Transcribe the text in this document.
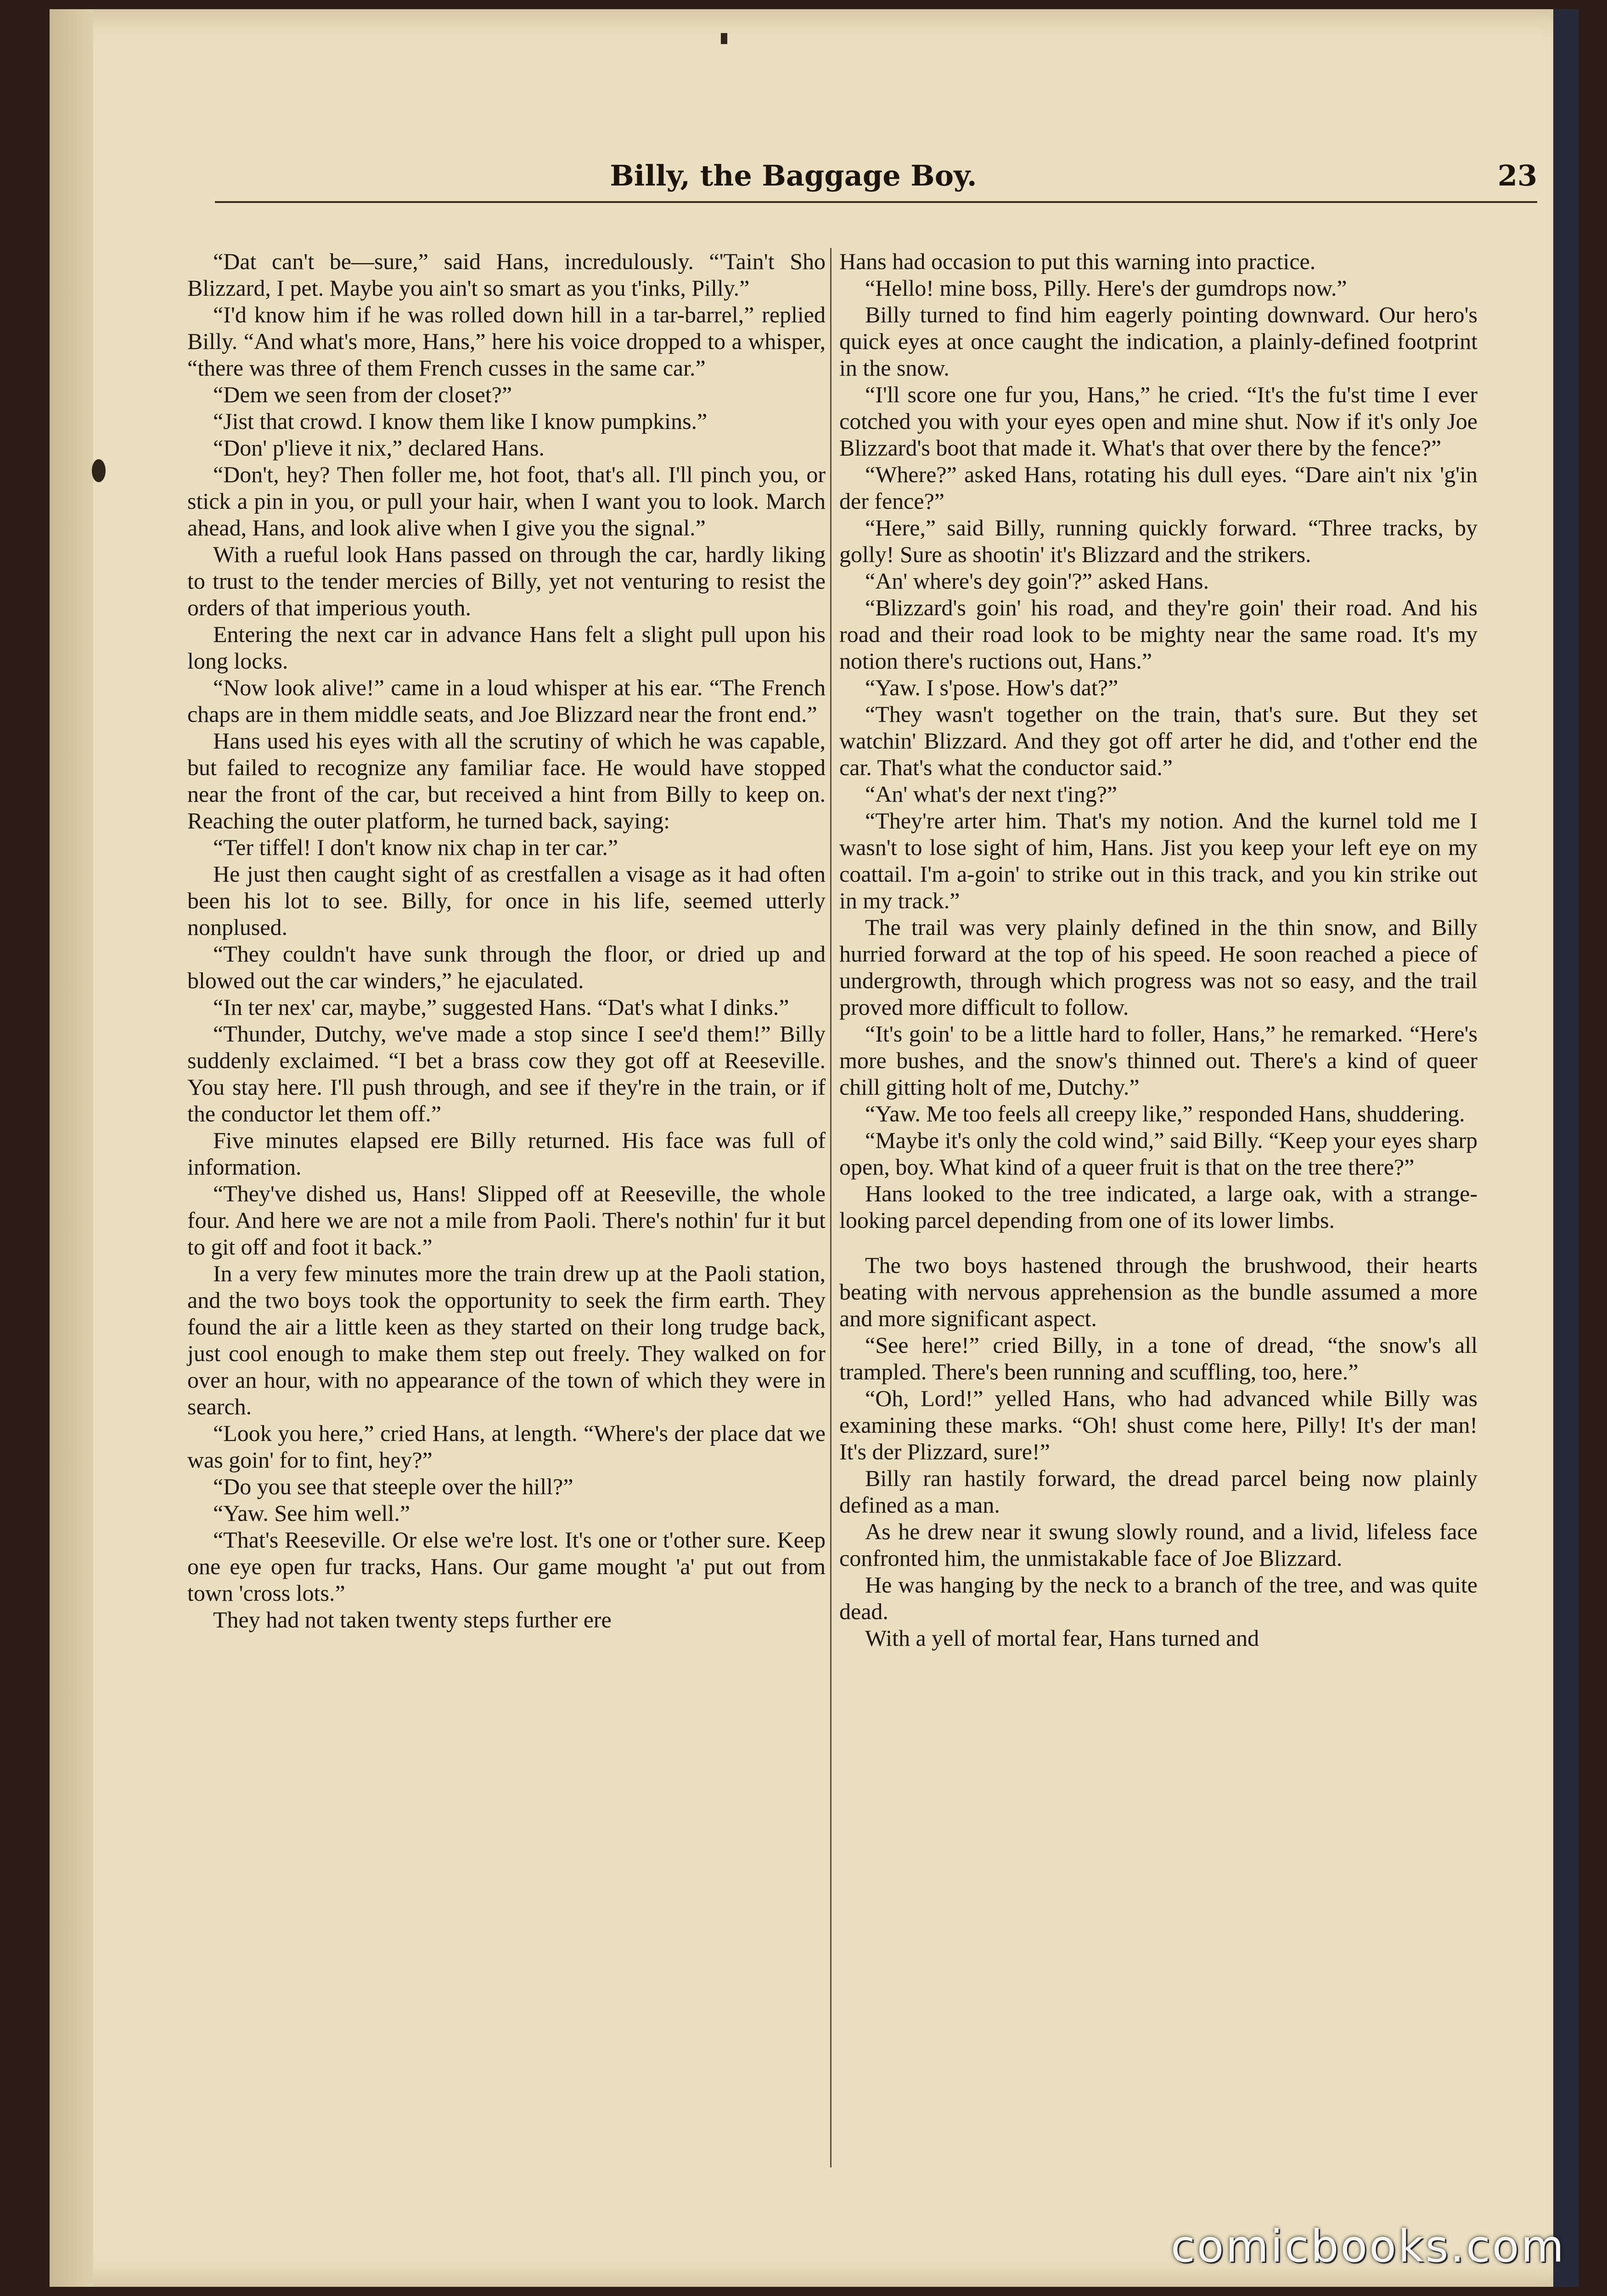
Billy, the Baggage Boy.	23

“Dat can't be—sure,” said Hans, incredulously. “'Tain't Sho Blizzard, I pet. Maybe you ain't so smart as you t'inks, Pilly.”

“I'd know him if he was rolled down hill in a tar-barrel,” replied Billy. “And what's more, Hans,” here his voice dropped to a whisper, “there was three of them French cusses in the same car.”

“Dem we seen from der closet?”

“Jist that crowd. I know them like I know pumpkins.”

“Don' p'lieve it nix,” declared Hans.

“Don't, hey? Then foller me, hot foot, that's all. I'll pinch you, or stick a pin in you, or pull your hair, when I want you to look. March ahead, Hans, and look alive when I give you the signal.”

With a rueful look Hans passed on through the car, hardly liking to trust to the tender mercies of Billy, yet not venturing to resist the orders of that imperious youth.

Entering the next car in advance Hans felt a slight pull upon his long locks.

“Now look alive!” came in a loud whisper at his ear. “The French chaps are in them middle seats, and Joe Blizzard near the front end.”

Hans used his eyes with all the scrutiny of which he was capable, but failed to recognize any familiar face. He would have stopped near the front of the car, but received a hint from Billy to keep on. Reaching the outer platform, he turned back, saying:

“Ter tiffel! I don't know nix chap in ter car.”

He just then caught sight of as crestfallen a visage as it had often been his lot to see. Billy, for once in his life, seemed utterly nonplused.

“They couldn't have sunk through the floor, or dried up and blowed out the car winders,” he ejaculated.

“In ter nex' car, maybe,” suggested Hans. “Dat's what I dinks.”

“Thunder, Dutchy, we've made a stop since I see'd them!” Billy suddenly exclaimed. “I bet a brass cow they got off at Reeseville. You stay here. I'll push through, and see if they're in the train, or if the conductor let them off.”

Five minutes elapsed ere Billy returned. His face was full of information.

“They've dished us, Hans! Slipped off at Reeseville, the whole four. And here we are not a mile from Paoli. There's nothin' fur it but to git off and foot it back.”

In a very few minutes more the train drew up at the Paoli station, and the two boys took the opportunity to seek the firm earth. They found the air a little keen as they started on their long trudge back, just cool enough to make them step out freely. They walked on for over an hour, with no appearance of the town of which they were in search.

“Look you here,” cried Hans, at length. “Where's der place dat we was goin' for to fint, hey?”

“Do you see that steeple over the hill?”

“Yaw. See him well.”

“That's Reeseville. Or else we're lost. It's one or t'other sure. Keep one eye open fur tracks, Hans. Our game mought 'a' put out from town 'cross lots.”

They had not taken twenty steps further ere

Hans had occasion to put this warning into practice.

“Hello! mine boss, Pilly. Here's der gumdrops now.”

Billy turned to find him eagerly pointing downward. Our hero's quick eyes at once caught the indication, a plainly-defined footprint in the snow.

“I'll score one fur you, Hans,” he cried. “It's the fu'st time I ever cotched you with your eyes open and mine shut. Now if it's only Joe Blizzard's boot that made it. What's that over there by the fence?”

“Where?” asked Hans, rotating his dull eyes. “Dare ain't nix 'g'in der fence?”

“Here,” said Billy, running quickly forward. “Three tracks, by golly! Sure as shootin' it's Blizzard and the strikers.

“An' where's dey goin'?” asked Hans.

“Blizzard's goin' his road, and they're goin' their road. And his road and their road look to be mighty near the same road. It's my notion there's ructions out, Hans.”

“Yaw. I s'pose. How's dat?”

“They wasn't together on the train, that's sure. But they set watchin' Blizzard. And they got off arter he did, and t'other end the car. That's what the conductor said.”

“An' what's der next t'ing?”

“They're arter him. That's my notion. And the kurnel told me I wasn't to lose sight of him, Hans. Jist you keep your left eye on my coattail. I'm a-goin' to strike out in this track, and you kin strike out in my track.”

The trail was very plainly defined in the thin snow, and Billy hurried forward at the top of his speed. He soon reached a piece of undergrowth, through which progress was not so easy, and the trail proved more difficult to follow.

“It's goin' to be a little hard to foller, Hans,” he remarked. “Here's more bushes, and the snow's thinned out. There's a kind of queer chill gitting holt of me, Dutchy.”

“Yaw. Me too feels all creepy like,” responded Hans, shuddering.

“Maybe it's only the cold wind,” said Billy. “Keep your eyes sharp open, boy. What kind of a queer fruit is that on the tree there?”

Hans looked to the tree indicated, a large oak, with a strange-looking parcel depending from one of its lower limbs.

The two boys hastened through the brushwood, their hearts beating with nervous apprehension as the bundle assumed a more and more significant aspect.

“See here!” cried Billy, in a tone of dread, “the snow's all trampled. There's been running and scuffling, too, here.”

“Oh, Lord!” yelled Hans, who had advanced while Billy was examining these marks. “Oh! shust come here, Pilly! It's der man! It's der Plizzard, sure!”

Billy ran hastily forward, the dread parcel being now plainly defined as a man.

As he drew near it swung slowly round, and a livid, lifeless face confronted him, the unmistakable face of Joe Blizzard.

He was hanging by the neck to a branch of the tree, and was quite dead.

With a yell of mortal fear, Hans turned and

comicbooks.com
